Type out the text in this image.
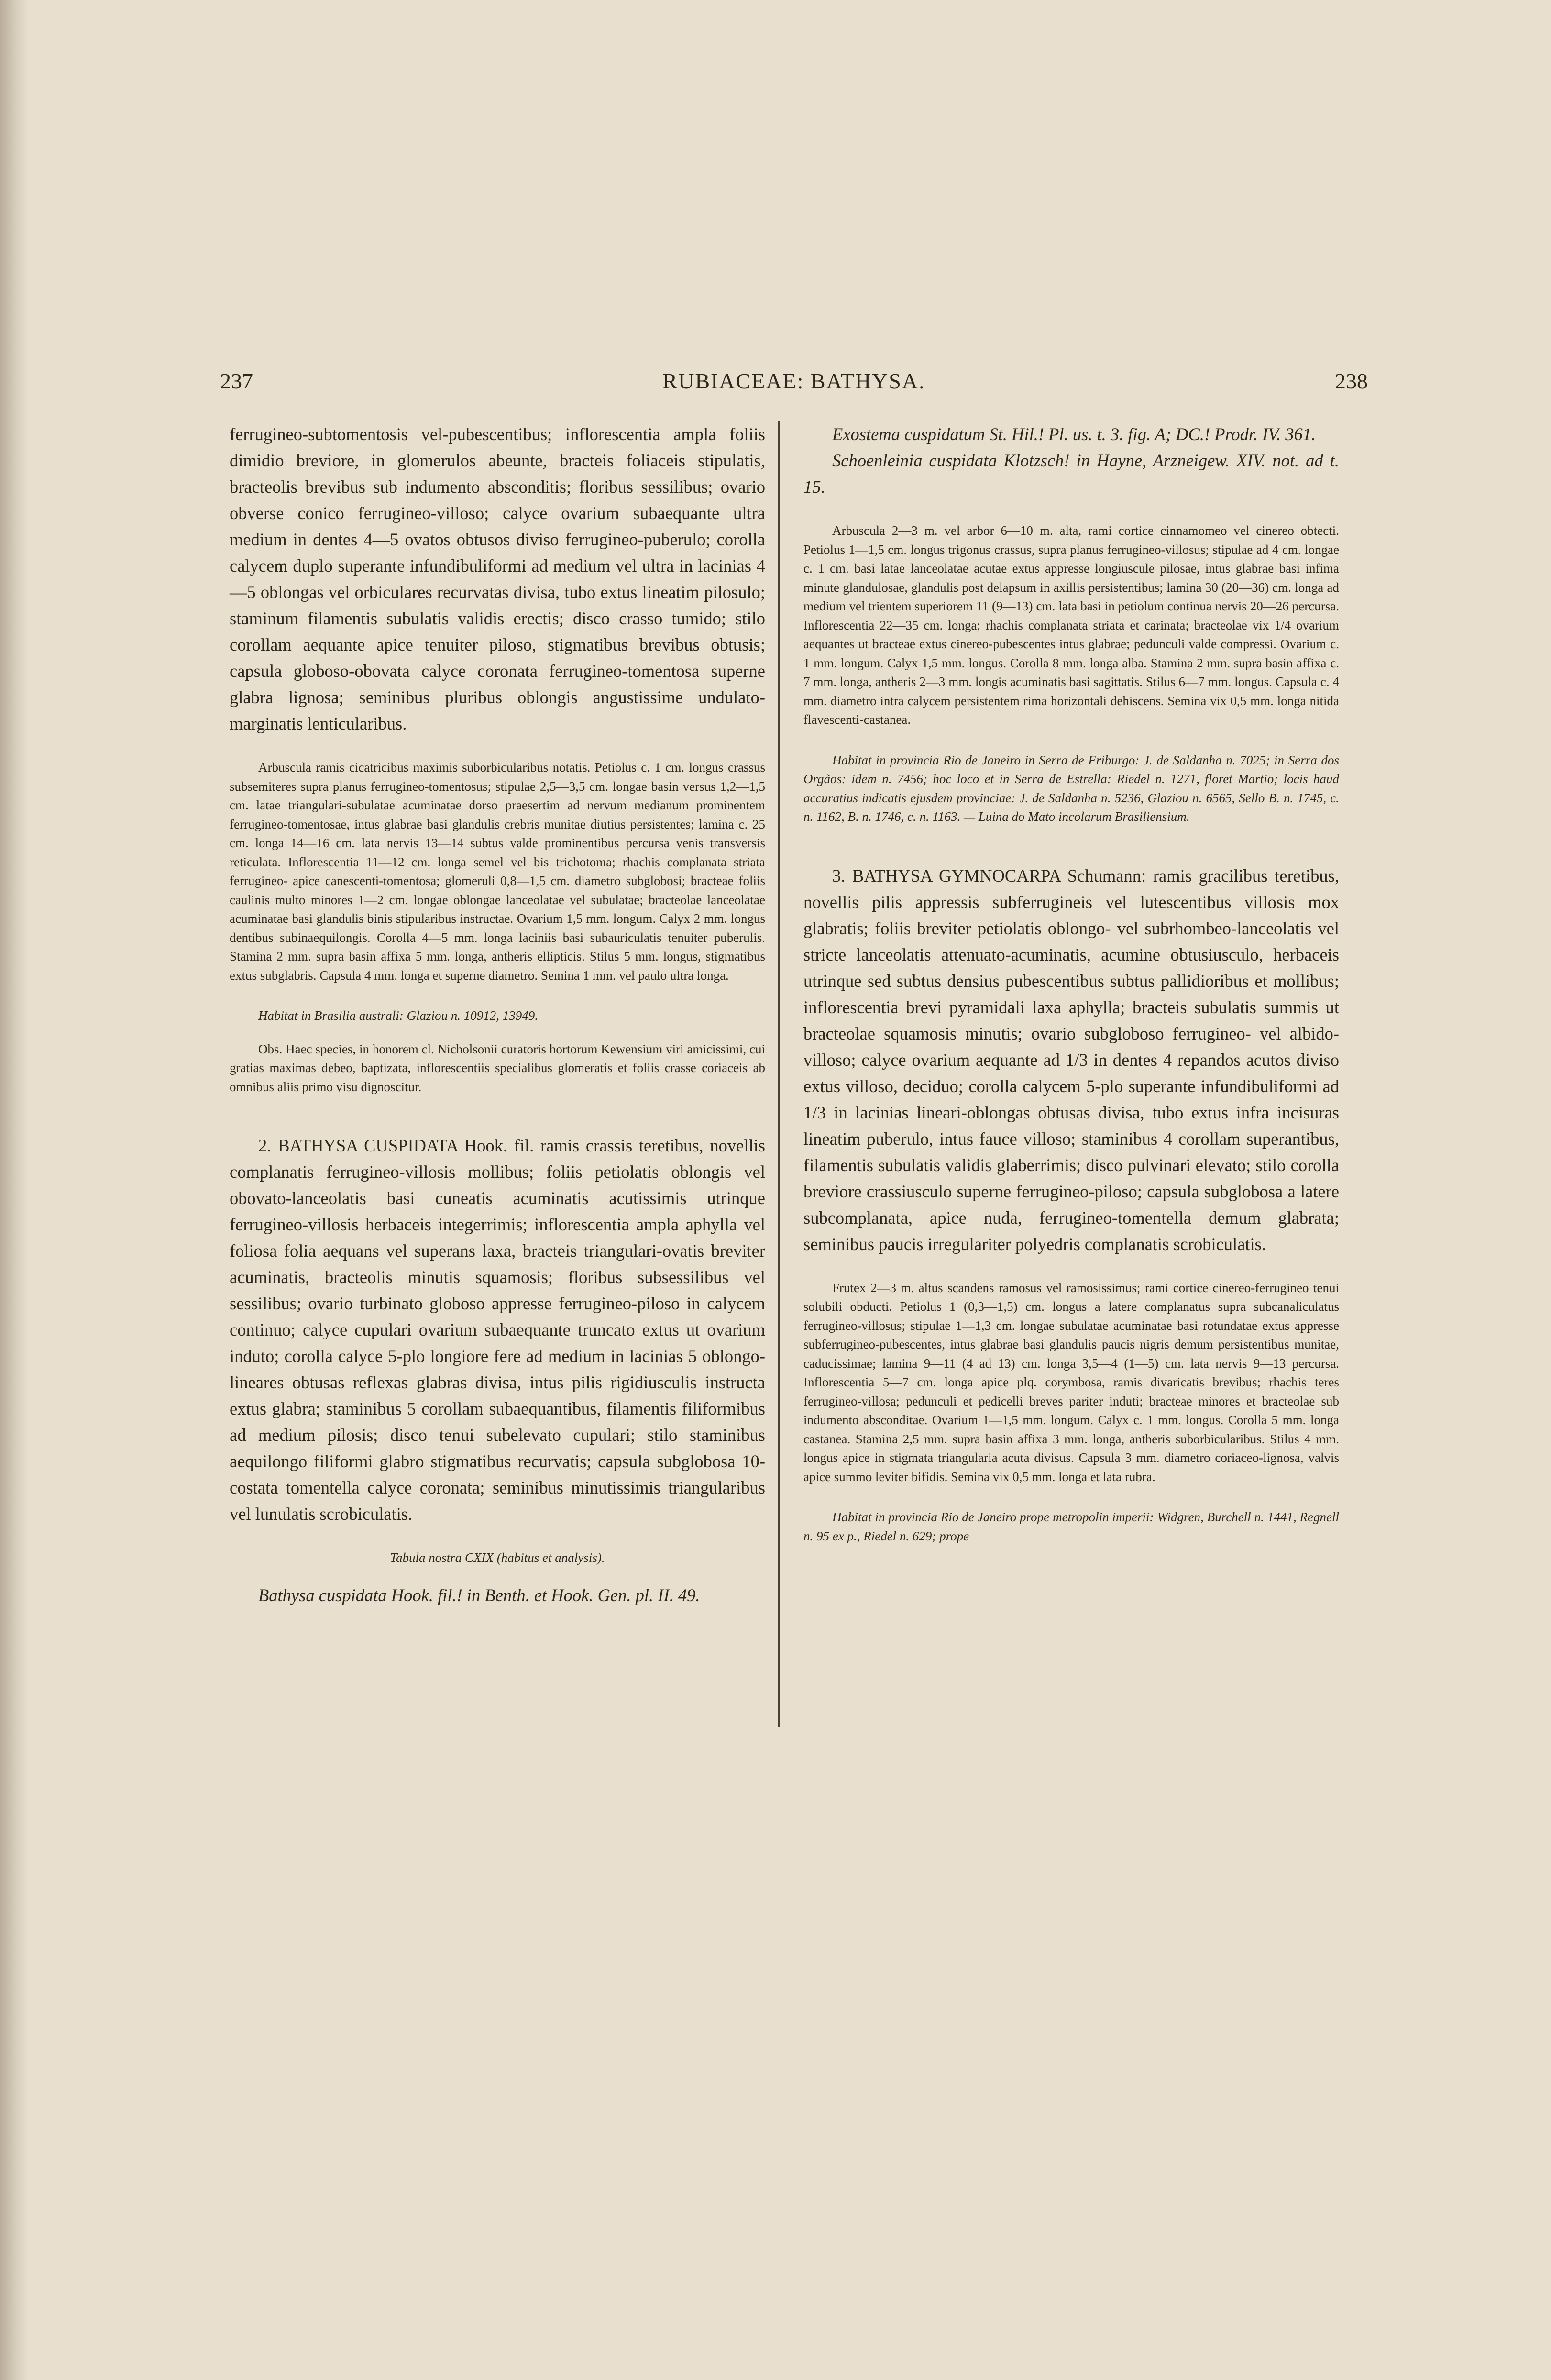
237	RUBIACEAE: BATHYSA.	238

ferrugineo-subtomentosis vel-pubescentibus; inflorescentia ampla foliis dimidio breviore, in glomerulos abeunte, bracteis foliaceis stipulatis, bracteolis brevibus sub indumento absconditis; floribus sessilibus; ovario obverse conico ferrugineo-villoso; calyce ovarium subaequante ultra medium in dentes 4—5 ovatos obtusos diviso ferrugineo-puberulo; corolla calycem duplo superante infundibuliformi ad medium vel ultra in lacinias 4—5 oblongas vel orbiculares recurvatas divisa, tubo extus lineatim pilosulo; staminum filamentis subulatis validis erectis; disco crasso tumido; stilo corollam aequante apice tenuiter piloso, stigmatibus brevibus obtusis; capsula globoso-obovata calyce coronata ferrugineo-tomentosa superne glabra lignosa; seminibus pluribus oblongis angustissime undulato-marginatis lenticularibus.

Arbuscula ramis cicatricibus maximis suborbicularibus notatis. Petiolus c. 1 cm. longus crassus subsemiteres supra planus ferrugineo-tomentosus; stipulae 2,5—3,5 cm. longae basin versus 1,2—1,5 cm. latae triangulari-subulatae acuminatae dorso praesertim ad nervum medianum prominentem ferrugineo-tomentosae, intus glabrae basi glandulis crebris munitae diutius persistentes; lamina c. 25 cm. longa 14—16 cm. lata nervis 13—14 subtus valde prominentibus percursa venis transversis reticulata. Inflorescentia 11—12 cm. longa semel vel bis trichotoma; rhachis complanata striata ferrugineo- apice canescenti-tomentosa; glomeruli 0,8—1,5 cm. diametro subglobosi; bracteae foliis caulinis multo minores 1—2 cm. longae oblongae lanceolatae vel subulatae; bracteolae lanceolatae acuminatae basi glandulis binis stipularibus instructae. Ovarium 1,5 mm. longum. Calyx 2 mm. longus dentibus subinaequilongis. Corolla 4—5 mm. longa laciniis basi subauriculatis tenuiter puberulis. Stamina 2 mm. supra basin affixa 5 mm. longa, antheris ellipticis. Stilus 5 mm. longus, stigmatibus extus subglabris. Capsula 4 mm. longa et superne diametro. Semina 1 mm. vel paulo ultra longa.

Habitat in Brasilia australi: Glaziou n. 10912, 13949.

Obs. Haec species, in honorem cl. Nicholsonii curatoris hortorum Kewensium viri amicissimi, cui gratias maximas debeo, baptizata, inflorescentiis specialibus glomeratis et foliis crasse coriaceis ab omnibus aliis primo visu dignoscitur.

2. BATHYSA CUSPIDATA Hook. fil. ramis crassis teretibus, novellis complanatis ferrugineo-villosis mollibus; foliis petiolatis oblongis vel obovato-lanceolatis basi cuneatis acuminatis acutissimis utrinque ferrugineo-villosis herbaceis integerrimis; inflorescentia ampla aphylla vel foliosa folia aequans vel superans laxa, bracteis triangulari-ovatis breviter acuminatis, bracteolis minutis squamosis; floribus subsessilibus vel sessilibus; ovario turbinato globoso appresse ferrugineo-piloso in calycem continuo; calyce cupulari ovarium subaequante truncato extus ut ovarium induto; corolla calyce 5-plo longiore fere ad medium in lacinias 5 oblongo-lineares obtusas reflexas glabras divisa, intus pilis rigidiusculis instructa extus glabra; staminibus 5 corollam subaequantibus, filamentis filiformibus ad medium pilosis; disco tenui subelevato cupulari; stilo staminibus aequilongo filiformi glabro stigmatibus recurvatis; capsula subglobosa 10-costata tomentella calyce coronata; seminibus minutissimis triangularibus vel lunulatis scrobiculatis.

Tabula nostra CXIX (habitus et analysis).

Bathysa cuspidata Hook. fil.! in Benth. et Hook. Gen. pl. II. 49.

Exostema cuspidatum St. Hil.! Pl. us. t. 3. fig. A; DC.! Prodr. IV. 361.

Schoenleinia cuspidata Klotzsch! in Hayne, Arzneigew. XIV. not. ad t. 15.

Arbuscula 2—3 m. vel arbor 6—10 m. alta, rami cortice cinnamomeo vel cinereo obtecti. Petiolus 1—1,5 cm. longus trigonus crassus, supra planus ferrugineo-villosus; stipulae ad 4 cm. longae c. 1 cm. basi latae lanceolatae acutae extus appresse longiuscule pilosae, intus glabrae basi infima minute glandulosae, glandulis post delapsum in axillis persistentibus; lamina 30 (20—36) cm. longa ad medium vel trientem superiorem 11 (9—13) cm. lata basi in petiolum continua nervis 20—26 percursa. Inflorescentia 22—35 cm. longa; rhachis complanata striata et carinata; bracteolae vix 1/4 ovarium aequantes ut bracteae extus cinereo-pubescentes intus glabrae; pedunculi valde compressi. Ovarium c. 1 mm. longum. Calyx 1,5 mm. longus. Corolla 8 mm. longa alba. Stamina 2 mm. supra basin affixa c. 7 mm. longa, antheris 2—3 mm. longis acuminatis basi sagittatis. Stilus 6—7 mm. longus. Capsula c. 4 mm. diametro intra calycem persistentem rima horizontali dehiscens. Semina vix 0,5 mm. longa nitida flavescenti-castanea.

Habitat in provincia Rio de Janeiro in Serra de Friburgo: J. de Saldanha n. 7025; in Serra dos Orgãos: idem n. 7456; hoc loco et in Serra de Estrella: Riedel n. 1271, floret Martio; locis haud accuratius indicatis ejusdem provinciae: J. de Saldanha n. 5236, Glaziou n. 6565, Sello B. n. 1745, c. n. 1162, B. n. 1746, c. n. 1163. — Luina do Mato incolarum Brasiliensium.

3. BATHYSA GYMNOCARPA Schumann: ramis gracilibus teretibus, novellis pilis appressis subferrugineis vel lutescentibus villosis mox glabratis; foliis breviter petiolatis oblongo- vel subrhombeo-lanceolatis vel stricte lanceolatis attenuato-acuminatis, acumine obtusiusculo, herbaceis utrinque sed subtus densius pubescentibus subtus pallidioribus et mollibus; inflorescentia brevi pyramidali laxa aphylla; bracteis subulatis summis ut bracteolae squamosis minutis; ovario subgloboso ferrugineo- vel albido-villoso; calyce ovarium aequante ad 1/3 in dentes 4 repandos acutos diviso extus villoso, deciduo; corolla calycem 5-plo superante infundibuliformi ad 1/3 in lacinias lineari-oblongas obtusas divisa, tubo extus infra incisuras lineatim puberulo, intus fauce villoso; staminibus 4 corollam superantibus, filamentis subulatis validis glaberrimis; disco pulvinari elevato; stilo corolla breviore crassiusculo superne ferrugineo-piloso; capsula subglobosa a latere subcomplanata, apice nuda, ferrugineo-tomentella demum glabrata; seminibus paucis irregulariter polyedris complanatis scrobiculatis.

Frutex 2—3 m. altus scandens ramosus vel ramosissimus; rami cortice cinereo-ferrugineo tenui solubili obducti. Petiolus 1 (0,3—1,5) cm. longus a latere complanatus supra subcanaliculatus ferrugineo-villosus; stipulae 1—1,3 cm. longae subulatae acuminatae basi rotundatae extus appresse subferrugineo-pubescentes, intus glabrae basi glandulis paucis nigris demum persistentibus munitae, caducissimae; lamina 9—11 (4 ad 13) cm. longa 3,5—4 (1—5) cm. lata nervis 9—13 percursa. Inflorescentia 5—7 cm. longa apice plq. corymbosa, ramis divaricatis brevibus; rhachis teres ferrugineo-villosa; pedunculi et pedicelli breves pariter induti; bracteae minores et bracteolae sub indumento absconditae. Ovarium 1—1,5 mm. longum. Calyx c. 1 mm. longus. Corolla 5 mm. longa castanea. Stamina 2,5 mm. supra basin affixa 3 mm. longa, antheris suborbicularibus. Stilus 4 mm. longus apice in stigmata triangularia acuta divisus. Capsula 3 mm. diametro coriaceo-lignosa, valvis apice summo leviter bifidis. Semina vix 0,5 mm. longa et lata rubra.

Habitat in provincia Rio de Janeiro prope metropolin imperii: Widgren, Burchell n. 1441, Regnell n. 95 ex p., Riedel n. 629; prope
